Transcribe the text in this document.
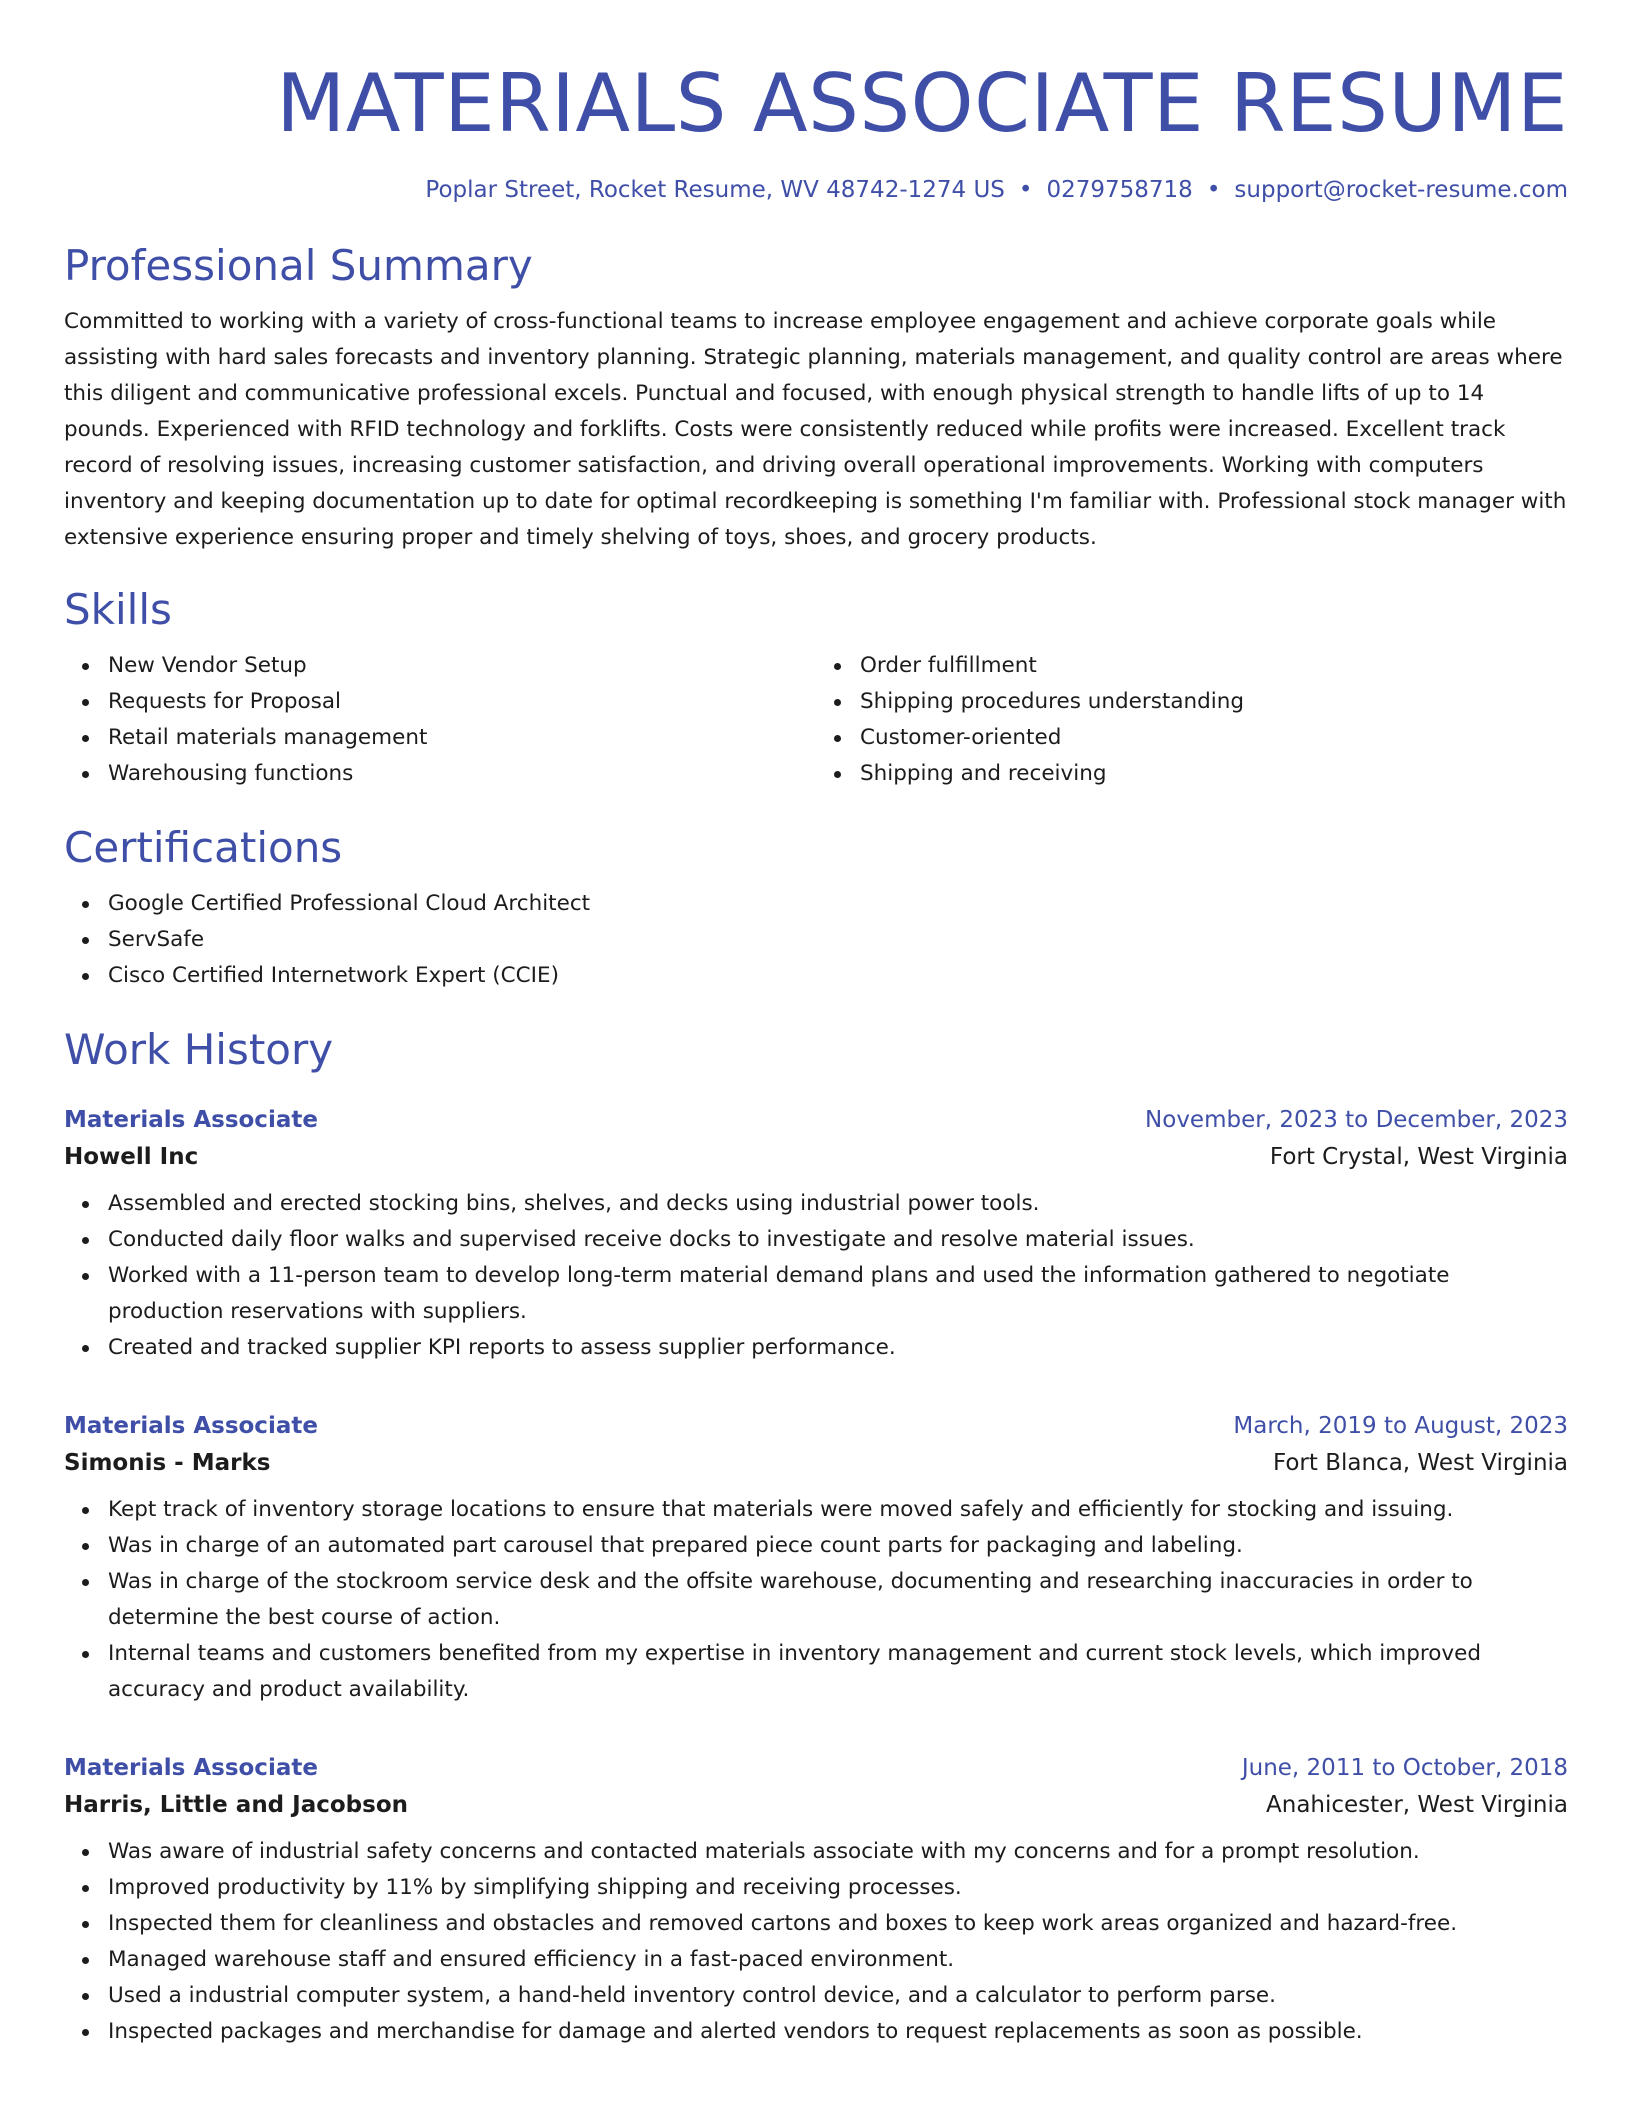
MATERIALS ASSOCIATE RESUME
Poplar Street, Rocket Resume, WV 48742-1274 US • 0279758718 • support@rocket-resume.com
Professional Summary

Committed to working with a variety of cross-functional teams to increase employee engagement and achieve corporate goals while assisting with hard sales forecasts and inventory planning. Strategic planning, materials management, and quality control are areas where this diligent and communicative professional excels. Punctual and focused, with enough physical strength to handle lifts of up to 14 pounds. Experienced with RFID technology and forklifts. Costs were consistently reduced while profits were increased. Excellent track record of resolving issues, increasing customer satisfaction, and driving overall operational improvements. Working with computers inventory and keeping documentation up to date for optimal recordkeeping is something I'm familiar with. Professional stock manager with extensive experience ensuring proper and timely shelving of toys, shoes, and grocery products.

Skills
New Vendor Setup
Requests for Proposal
Retail materials management
Warehousing functions
Order fulfillment
Shipping procedures understanding
Customer-oriented
Shipping and receiving
Certifications
Google Certified Professional Cloud Architect
ServSafe
Cisco Certified Internetwork Expert (CCIE)
Work History
Materials Associate	November, 2023 to December, 2023
Howell Inc	Fort Crystal, West Virginia
Assembled and erected stocking bins, shelves, and decks using industrial power tools.
Conducted daily floor walks and supervised receive docks to investigate and resolve material issues.
Worked with a 11-person team to develop long-term material demand plans and used the information gathered to negotiate production reservations with suppliers.
Created and tracked supplier KPI reports to assess supplier performance.
Materials Associate	March, 2019 to August, 2023
Simonis - Marks	Fort Blanca, West Virginia
Kept track of inventory storage locations to ensure that materials were moved safely and efficiently for stocking and issuing.
Was in charge of an automated part carousel that prepared piece count parts for packaging and labeling.
Was in charge of the stockroom service desk and the offsite warehouse, documenting and researching inaccuracies in order to determine the best course of action.
Internal teams and customers benefited from my expertise in inventory management and current stock levels, which improved accuracy and product availability.
Materials Associate	June, 2011 to October, 2018
Harris, Little and Jacobson	Anahicester, West Virginia
Was aware of industrial safety concerns and contacted materials associate with my concerns and for a prompt resolution.
Improved productivity by 11% by simplifying shipping and receiving processes.
Inspected them for cleanliness and obstacles and removed cartons and boxes to keep work areas organized and hazard-free.
Managed warehouse staff and ensured efficiency in a fast-paced environment.
Used a industrial computer system, a hand-held inventory control device, and a calculator to perform parse.
Inspected packages and merchandise for damage and alerted vendors to request replacements as soon as possible.
